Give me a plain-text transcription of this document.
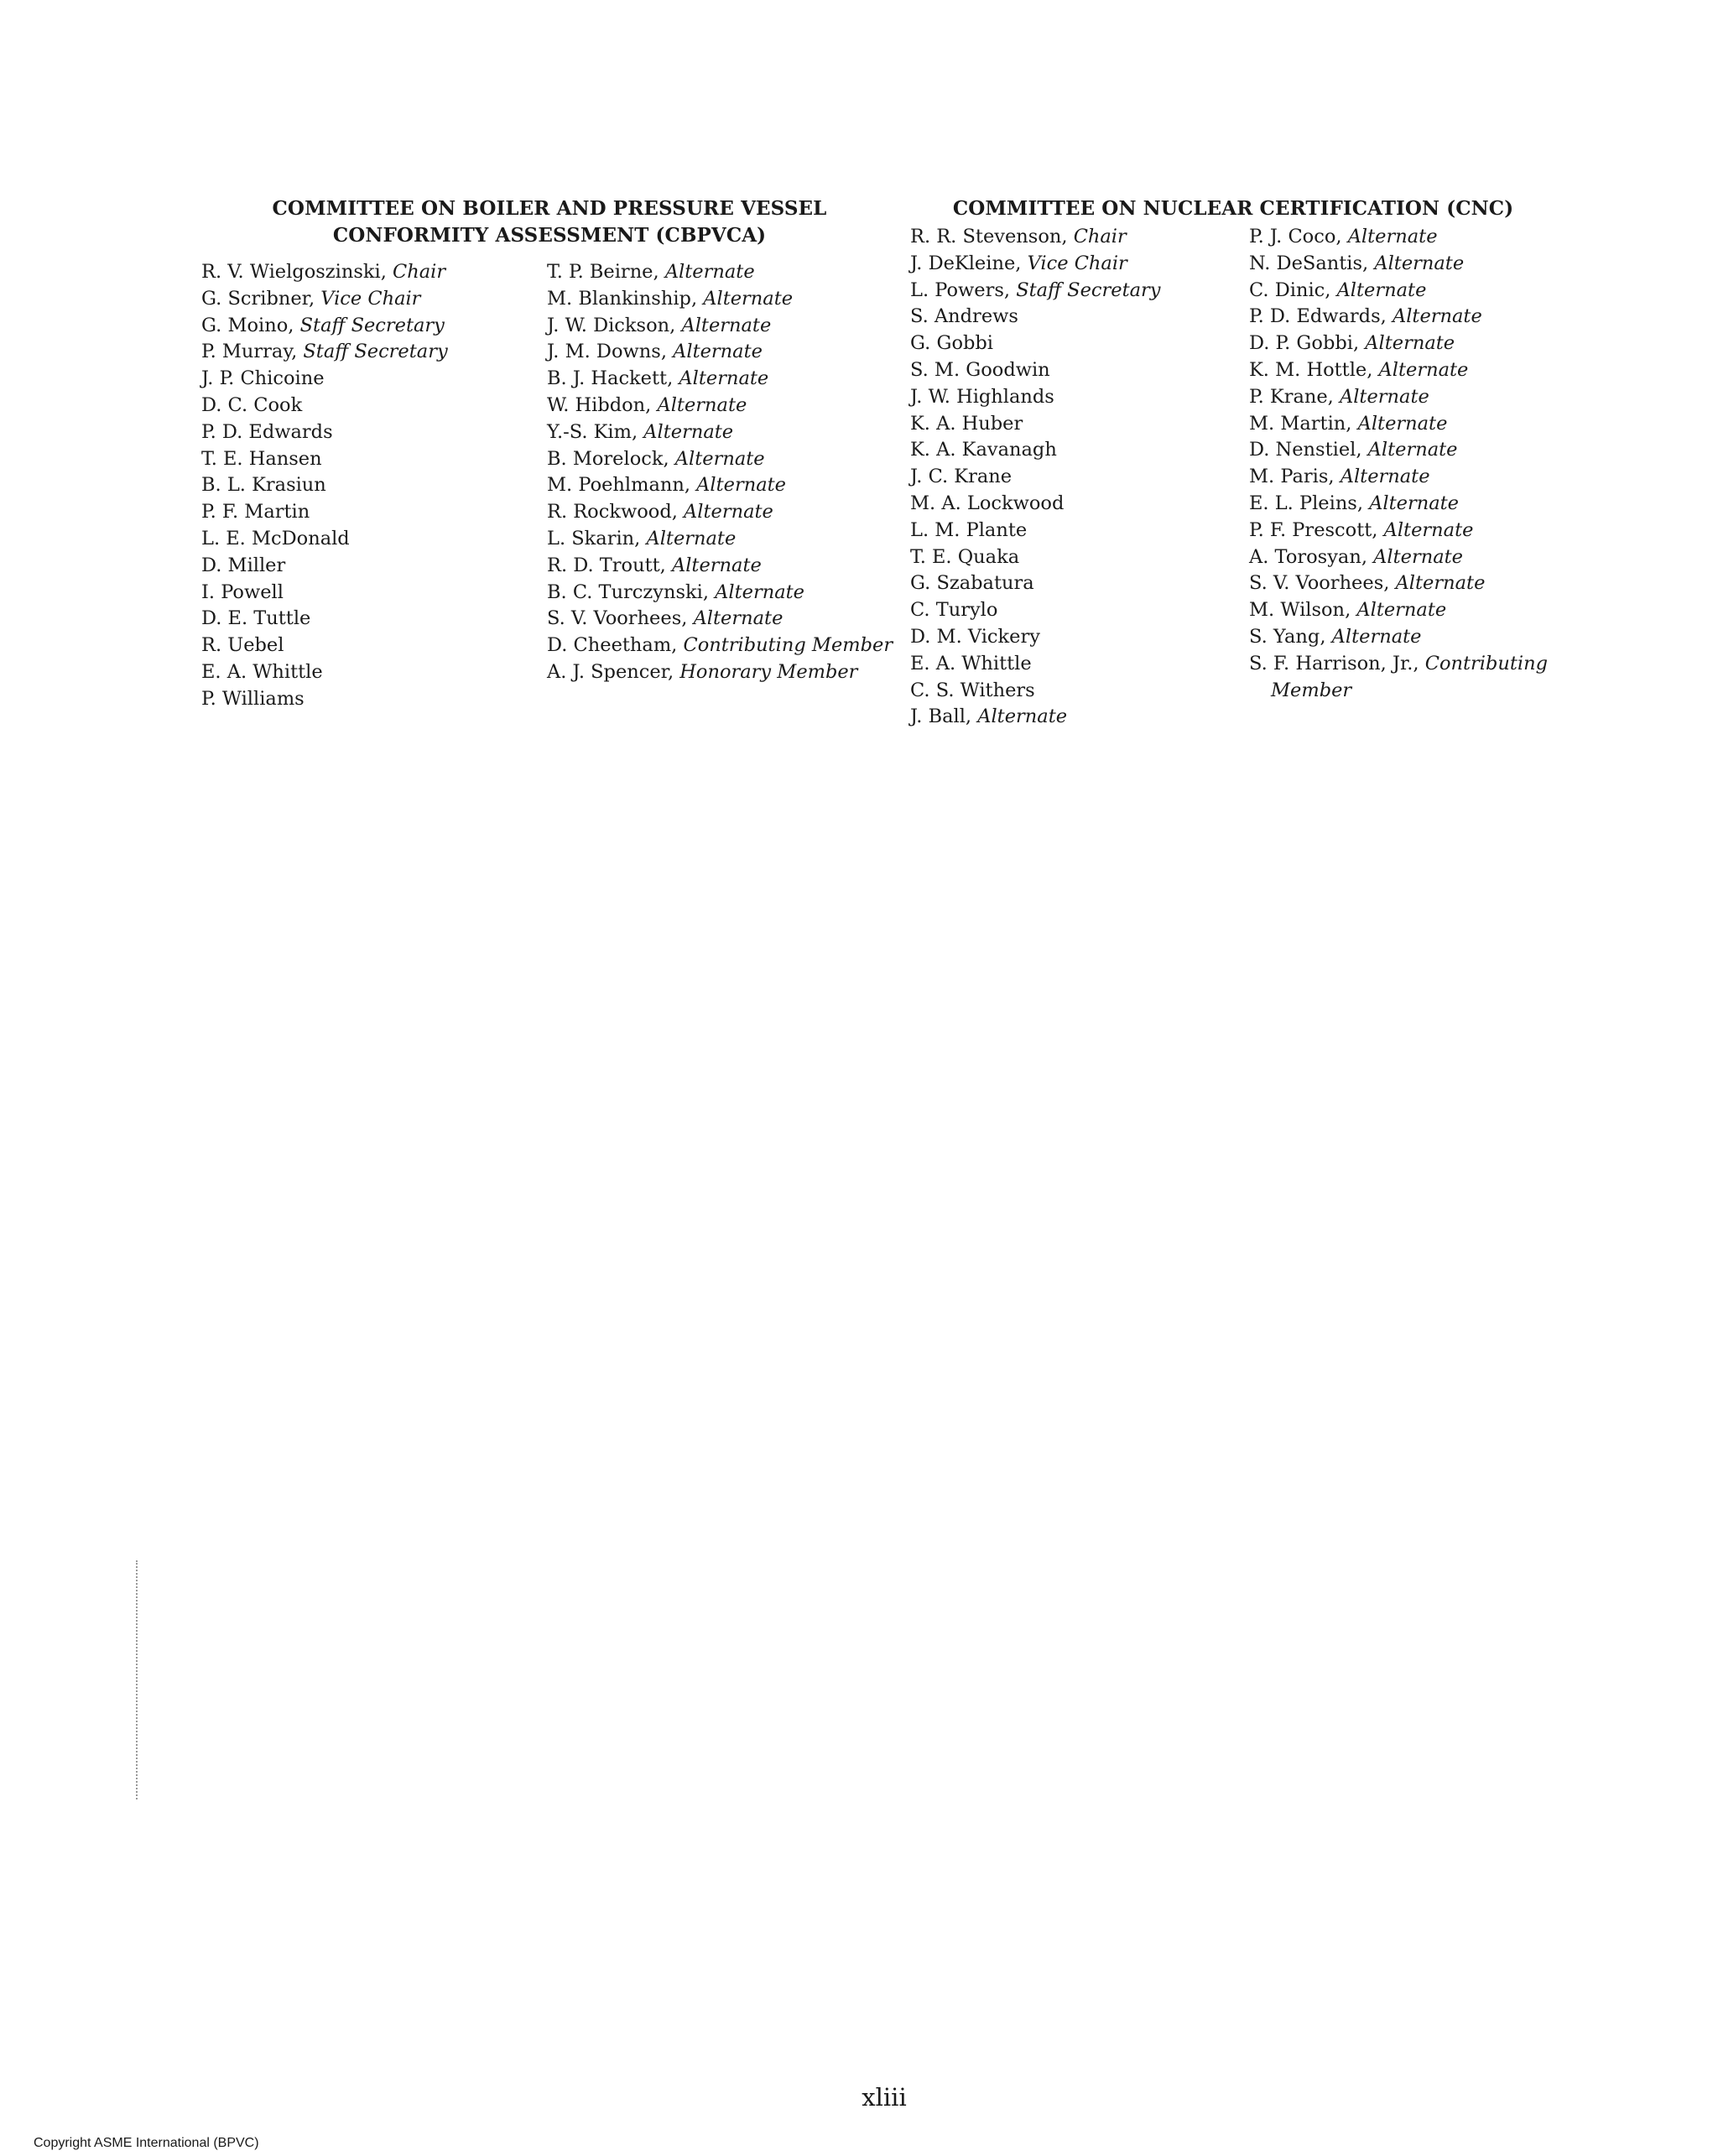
COMMITTEE ON BOILER AND PRESSURE VESSEL CONFORMITY ASSESSMENT (CBPVCA)
R. V. Wielgoszinski, Chair
G. Scribner, Vice Chair
G. Moino, Staff Secretary
P. Murray, Staff Secretary
J. P. Chicoine
D. C. Cook
P. D. Edwards
T. E. Hansen
B. L. Krasiun
P. F. Martin
L. E. McDonald
D. Miller
I. Powell
D. E. Tuttle
R. Uebel
E. A. Whittle
P. Williams
T. P. Beirne, Alternate
M. Blankinship, Alternate
J. W. Dickson, Alternate
J. M. Downs, Alternate
B. J. Hackett, Alternate
W. Hibdon, Alternate
Y.-S. Kim, Alternate
B. Morelock, Alternate
M. Poehlmann, Alternate
R. Rockwood, Alternate
L. Skarin, Alternate
R. D. Troutt, Alternate
B. C. Turczynski, Alternate
S. V. Voorhees, Alternate
D. Cheetham, Contributing Member
A. J. Spencer, Honorary Member
COMMITTEE ON NUCLEAR CERTIFICATION (CNC)
R. R. Stevenson, Chair
J. DeKleine, Vice Chair
L. Powers, Staff Secretary
S. Andrews
G. Gobbi
S. M. Goodwin
J. W. Highlands
K. A. Huber
K. A. Kavanagh
J. C. Krane
M. A. Lockwood
L. M. Plante
T. E. Quaka
G. Szabatura
C. Turylo
D. M. Vickery
E. A. Whittle
C. S. Withers
J. Ball, Alternate
P. J. Coco, Alternate
N. DeSantis, Alternate
C. Dinic, Alternate
P. D. Edwards, Alternate
D. P. Gobbi, Alternate
K. M. Hottle, Alternate
P. Krane, Alternate
M. Martin, Alternate
D. Nenstiel, Alternate
M. Paris, Alternate
E. L. Pleins, Alternate
P. F. Prescott, Alternate
A. Torosyan, Alternate
S. V. Voorhees, Alternate
M. Wilson, Alternate
S. Yang, Alternate
S. F. Harrison, Jr., Contributing Member
xliii
Copyright ASME International (BPVC)
